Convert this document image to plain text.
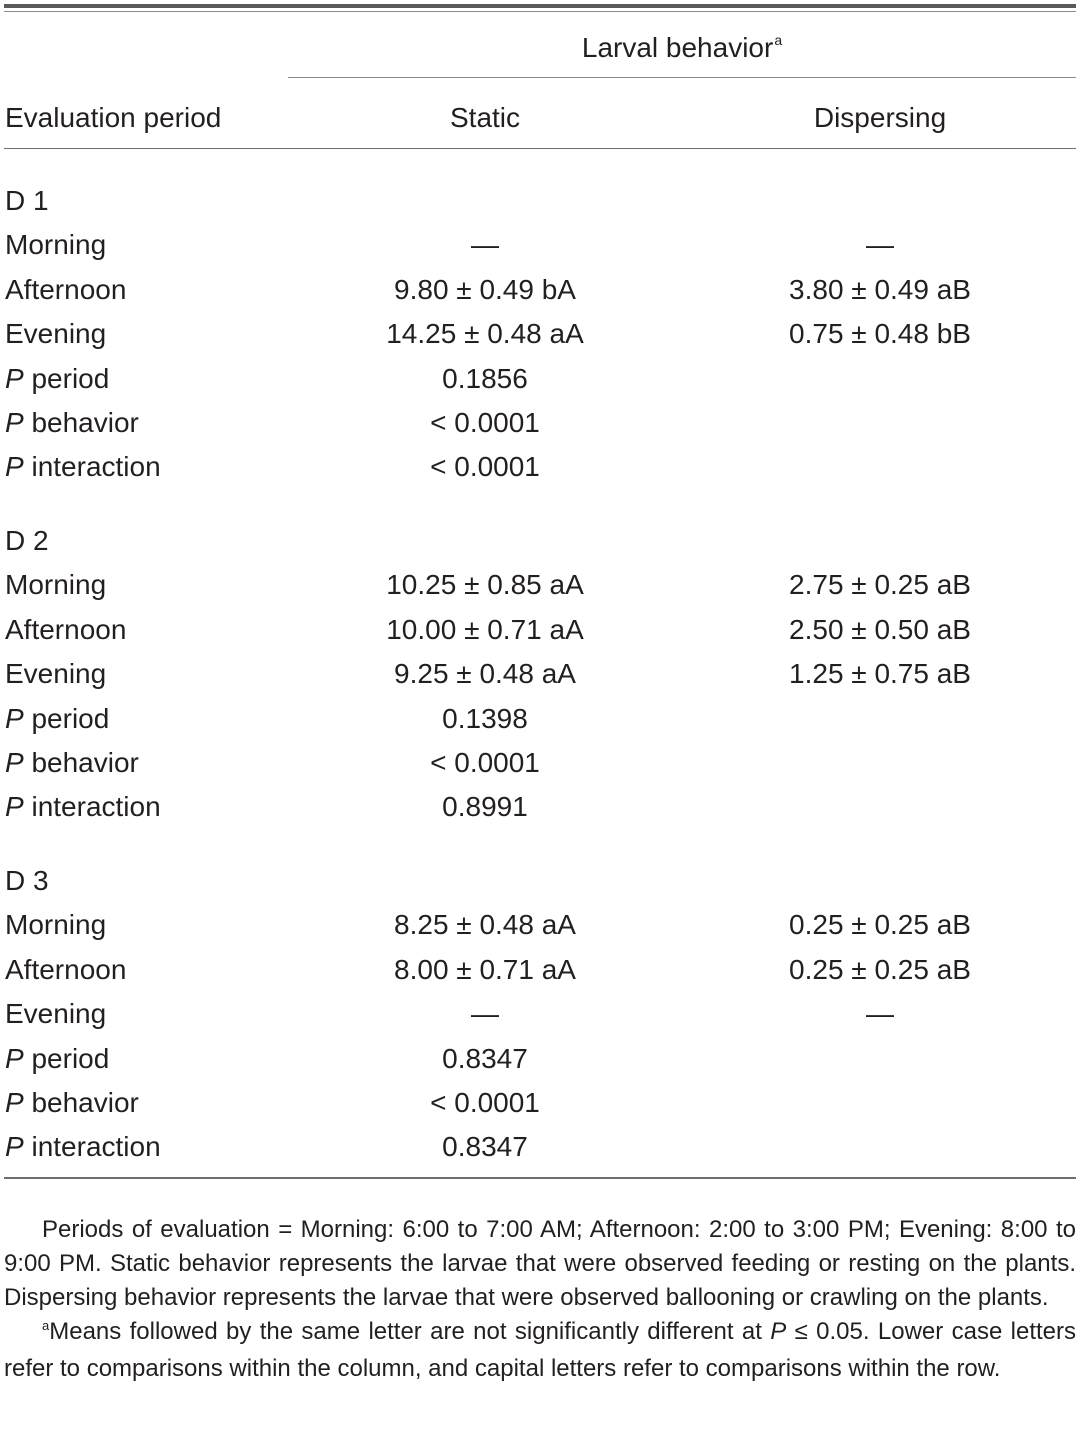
Larval behavior$^a$
Evaluation period	Static	Dispersing
D 1
Morning	—	—
Afternoon	9.80 ± 0.49 bA	3.80 ± 0.49 aB
Evening	14.25 ± 0.48 aA	0.75 ± 0.48 bB
P period	0.1856
P behavior	< 0.0001
P interaction	< 0.0001
D 2
Morning	10.25 ± 0.85 aA	2.75 ± 0.25 aB
Afternoon	10.00 ± 0.71 aA	2.50 ± 0.50 aB
Evening	9.25 ± 0.48 aA	1.25 ± 0.75 aB
P period	0.1398
P behavior	< 0.0001
P interaction	0.8991
D 3
Morning	8.25 ± 0.48 aA	0.25 ± 0.25 aB
Afternoon	8.00 ± 0.71 aA	0.25 ± 0.25 aB
Evening	—	—
P period	0.8347
P behavior	< 0.0001
P interaction	0.8347

Periods of evaluation = Morning: 6:00 to 7:00 AM; Afternoon: 2:00 to 3:00 PM; Evening: 8:00 to 9:00 PM. Static behavior represents the larvae that were observed feeding or resting on the plants. Dispersing behavior represents the larvae that were observed ballooning or crawling on the plants.

$^a$Means followed by the same letter are not significantly different at P ≤ 0.05. Lower case letters refer to comparisons within the column, and capital letters refer to comparisons within the row.
